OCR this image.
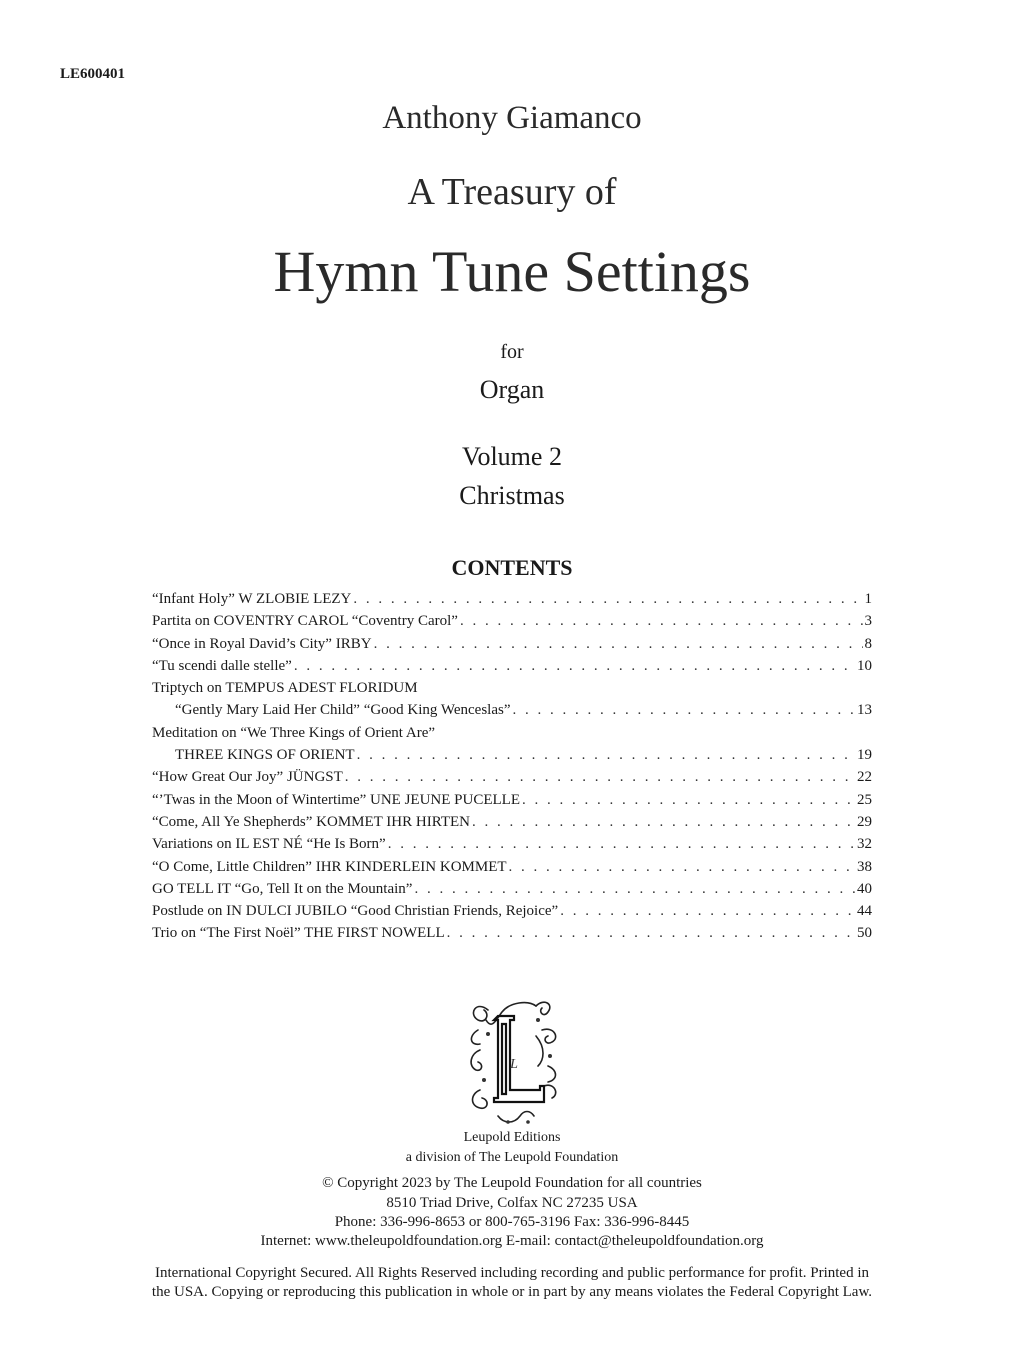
LE600401
Anthony Giamanco
A Treasury of
Hymn Tune Settings
for
Organ
Volume 2
Christmas
CONTENTS
“Infant Holy” W ZLOBIE LEZY . . .	1
Partita on COVENTRY CAROL “Coventry Carol” . . .	3
“Once in Royal David’s City” IRBY . . .	8
“Tu scendi dalle stelle” . . .	10
Triptych on TEMPUS ADEST FLORIDUM
“Gently Mary Laid Her Child” “Good King Wenceslas” . . .	13
Meditation on “We Three Kings of Orient Are”
THREE KINGS OF ORIENT . . .	19
“How Great Our Joy” JÜNGST . . .	22
“’Twas in the Moon of Wintertime” UNE JEUNE PUCELLE . . .	25
“Come, All Ye Shepherds” KOMMET IHR HIRTEN . . .	29
Variations on IL EST NÉ “He Is Born” . . .	32
“O Come, Little Children” IHR KINDERLEIN KOMMET . . .	38
GO TELL IT “Go, Tell It on the Mountain” . . .	40
Postlude on IN DULCI JUBILO “Good Christian Friends, Rejoice” . . .	44
Trio on “The First Noël” THE FIRST NOWELL . . .	50
L
Leupold Editions
a division of The Leupold Foundation
© Copyright 2023 by The Leupold Foundation for all countries
8510 Triad Drive, Colfax NC 27235 USA
Phone: 336-996-8653 or 800-765-3196 Fax: 336-996-8445
Internet: www.theleupoldfoundation.org E-mail: contact@theleupoldfoundation.org
International Copyright Secured. All Rights Reserved including recording and public performance for profit. Printed in
the USA. Copying or reproducing this publication in whole or in part by any means violates the Federal Copyright Law.
